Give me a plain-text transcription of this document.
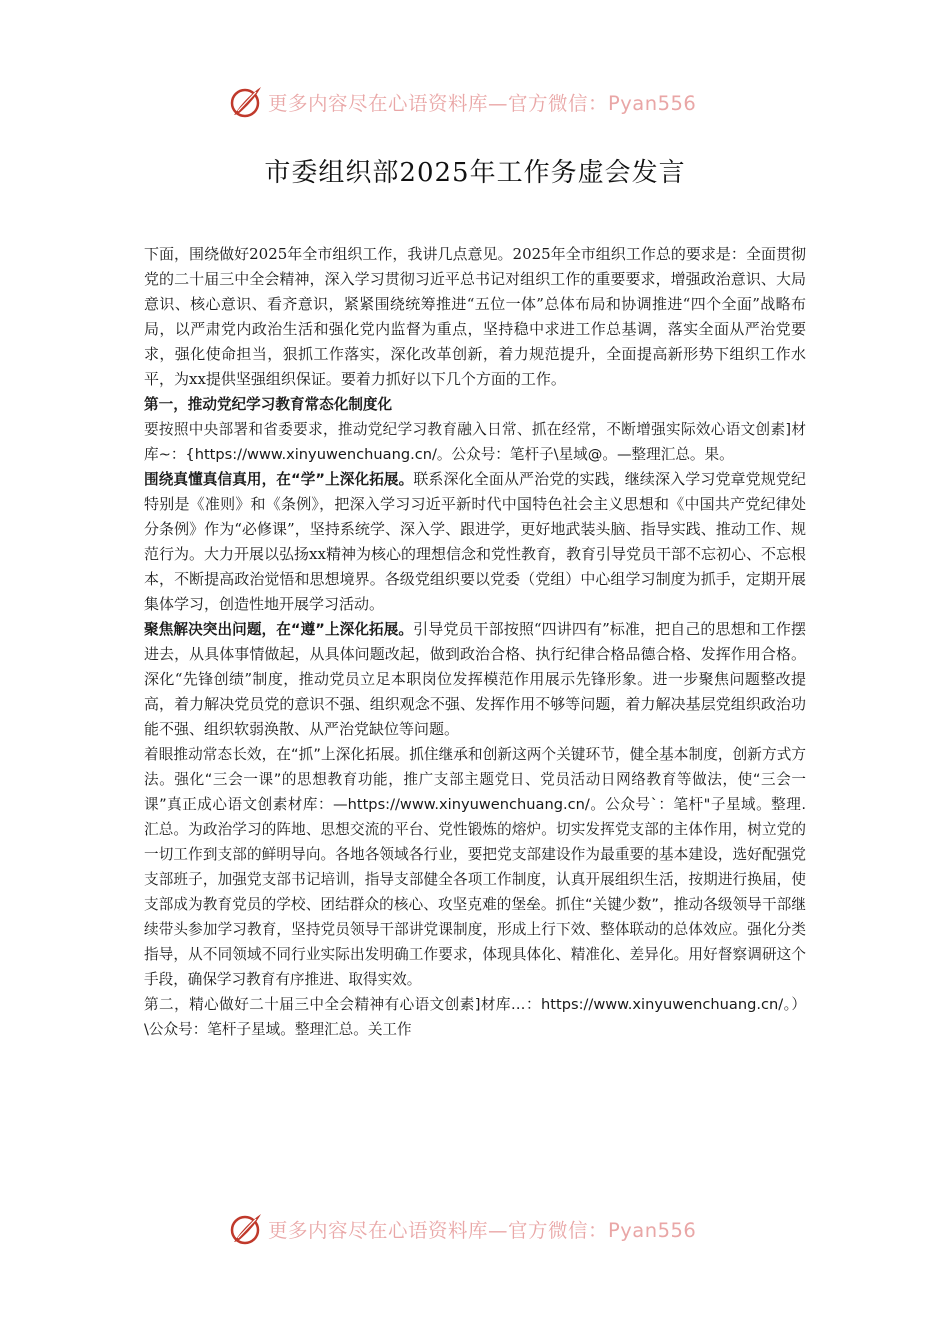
更多内容尽在心语资料库—官方微信：Pyan556
市委组织部2025年工作务虚会发言

下面，围绕做好2025年全市组织工作，我讲几点意见。2025年全市组织工作总的要求是：全面贯彻党的二十届三中全会精神，深入学习贯彻习近平总书记对组织工作的重要要求，增强政治意识、大局意识、核心意识、看齐意识，紧紧围绕统筹推进“五位一体”总体布局和协调推进“四个全面”战略布局，以严肃党内政治生活和强化党内监督为重点，坚持稳中求进工作总基调，落实全面从严治党要求，强化使命担当，狠抓工作落实，深化改革创新，着力规范提升，全面提高新形势下组织工作水平，为xx提供坚强组织保证。要着力抓好以下几个方面的工作。

第一，推动党纪学习教育常态化制度化

要按照中央部署和省委要求，推动党纪学习教育融入日常、抓在经常，不断增强实际效心语文创素]材库~：{https://www.xinyuwenchuang.cn/。公众号：笔杆子\星域@。—整理汇总。果。

围绕真懂真信真用，在“学”上深化拓展。联系深化全面从严治党的实践，继续深入学习党章党规党纪特别是《准则》和《条例》，把深入学习习近平新时代中国特色社会主义思想和《中国共产党纪律处分条例》作为“必修课”，坚持系统学、深入学、跟进学，更好地武装头脑、指导实践、推动工作、规范行为。大力开展以弘扬xx精神为核心的理想信念和党性教育，教育引导党员干部不忘初心、不忘根本，不断提高政治觉悟和思想境界。各级党组织要以党委（党组）中心组学习制度为抓手，定期开展集体学习，创造性地开展学习活动。

聚焦解决突出问题，在“遵”上深化拓展。引导党员干部按照“四讲四有”标准，把自己的思想和工作摆进去，从具体事情做起，从具体问题改起，做到政治合格、执行纪律合格品德合格、发挥作用合格。深化“先锋创绩”制度，推动党员立足本职岗位发挥模范作用展示先锋形象。进一步聚焦问题整改提高，着力解决党员党的意识不强、组织观念不强、发挥作用不够等问题，着力解决基层党组织政治功能不强、组织软弱涣散、从严治党缺位等问题。

着眼推动常态长效，在“抓”上深化拓展。抓住继承和创新这两个关键环节，健全基本制度，创新方式方法。强化“三会一课”的思想教育功能，推广支部主题党日、党员活动日网络教育等做法，使“三会一课”真正成心语文创素材库：—https://www.xinyuwenchuang.cn/。公众号`：笔杆"子星域。整理.汇总。为政治学习的阵地、思想交流的平台、党性锻炼的熔炉。切实发挥党支部的主体作用，树立党的一切工作到支部的鲜明导向。各地各领域各行业，要把党支部建设作为最重要的基本建设，选好配强党支部班子，加强党支部书记培训，指导支部健全各项工作制度，认真开展组织生活，按期进行换届，使支部成为教育党员的学校、团结群众的核心、攻坚克难的堡垒。抓住“关键少数”，推动各级领导干部继续带头参加学习教育，坚持党员领导干部讲党课制度，形成上行下效、整体联动的总体效应。强化分类指导，从不同领域不同行业实际出发明确工作要求，体现具体化、精准化、差异化。用好督察调研这个手段，确保学习教育有序推进、取得实效。

第二，精心做好二十届三中全会精神有心语文创素]材库…：https://www.xinyuwenchuang.cn/。）\公众号：笔杆子星域。整理汇总。关工作

更多内容尽在心语资料库—官方微信：Pyan556
